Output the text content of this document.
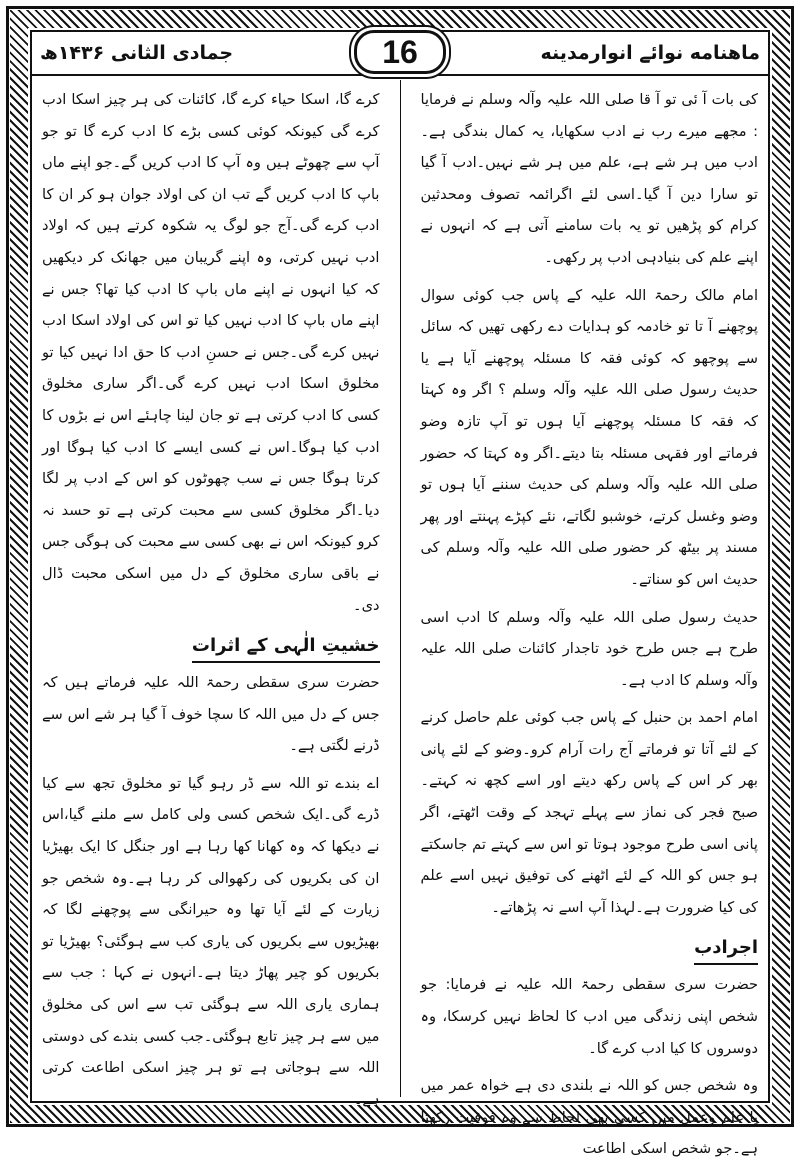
ماهنامه نوائے انوارمدینه
جمادی الثانی ۱۴۳۶ھ	16

کی بات آ ئی تو آ قا صلی اللہ علیہ وآلہ وسلم نے فرمایا : مجھے میرے رب نے ادب سکھایا، یہ کمال بندگی ہے۔ادب میں ہر شے ہے، علم میں ہر شے نہیں۔ادب آ گیا تو سارا دین آ گیا۔اسی لئے اگرائمہ تصوف ومحدثین کرام کو پڑھیں تو یہ بات سامنے آتی ہے کہ انہوں نے اپنے علم کی بنیادہی ادب پر رکھی۔

امام مالک رحمۃ اللہ علیہ کے پاس جب کوئی سوال پوچھنے آ تا تو خادمہ کو ہدایات دے رکھی تھیں کہ سائل سے پوچھو کہ کوئی فقہ کا مسئلہ پوچھنے آیا ہے یا حدیث رسول صلی اللہ علیہ وآلہ وسلم ؟ اگر وہ کہتا کہ فقہ کا مسئلہ پوچھنے آیا ہوں تو آپ تازہ وضو فرماتے اور فقہی مسئلہ بتا دیتے۔اگر وہ کہتا کہ حضور صلی اللہ علیہ وآلہ وسلم کی حدیث سننے آیا ہوں تو وضو وغسل کرتے، خوشبو لگاتے، نئے کپڑے پہنتے اور پھر مسند پر بیٹھ کر حضور صلی اللہ علیہ وآلہ وسلم کی حدیث اس کو سناتے۔

حدیث رسول صلی اللہ علیہ وآلہ وسلم کا ادب اسی طرح ہے جس طرح خود تاجدار کائنات صلی اللہ علیہ وآلہ وسلم کا ادب ہے۔

امام احمد بن حنبل کے پاس جب کوئی علم حاصل کرنے کے لئے آتا تو فرماتے آج رات آرام کرو۔وضو کے لئے پانی بھر کر اس کے پاس رکھ دیتے اور اسے کچھ نہ کہتے۔صبح فجر کی نماز سے پہلے تہجد کے وقت اٹھتے، اگر پانی اسی طرح موجود ہوتا تو اس سے کہتے تم جاسکتے ہو جس کو اللہ کے لئے اٹھنے کی توفیق نہیں اسے علم کی کیا ضرورت ہے۔لہذا آپ اسے نہ پڑھاتے۔

اجرادب

حضرت سری سقطی رحمۃ اللہ علیہ نے فرمایا: جو شخص اپنی زندگی میں ادب کا لحاظ نہیں کرسکا، وہ دوسروں کا کیا ادب کرے گا۔

وہ شخص جس کو اللہ نے بلندی دی ہے خواہ عمر میں یا علم وعمل میں کسی بھی لحاظ سے وہ فوقیت رکھتا ہے۔جو شخص اسکی اطاعت

کرے گا، اسکا حیاء کرے گا، کائنات کی ہر چیز اسکا ادب کرے گی کیونکہ کوئی کسی بڑے کا ادب کرے گا تو جو آپ سے چھوٹے ہیں وہ آپ کا ادب کریں گے۔جو اپنے ماں باپ کا ادب کریں گے تب ان کی اولاد جوان ہو کر ان کا ادب کرے گی۔آج جو لوگ یہ شکوہ کرتے ہیں کہ اولاد ادب نہیں کرتی، وہ اپنے گریبان میں جھانک کر دیکھیں کہ کیا انہوں نے اپنے ماں باپ کا ادب کیا تھا؟ جس نے اپنے ماں باپ کا ادب نہیں کیا تو اس کی اولاد اسکا ادب نہیں کرے گی۔جس نے حسنِ ادب کا حق ادا نہیں کیا تو مخلوق اسکا ادب نہیں کرے گی۔اگر ساری مخلوق کسی کا ادب کرتی ہے تو جان لینا چاہئے اس نے بڑوں کا ادب کیا ہوگا۔اس نے کسی ایسے کا ادب کیا ہوگا اور کرتا ہوگا جس نے سب چھوٹوں کو اس کے ادب پر لگا دیا۔اگر مخلوق کسی سے محبت کرتی ہے تو حسد نہ کرو کیونکہ اس نے بھی کسی سے محبت کی ہوگی جس نے باقی ساری مخلوق کے دل میں اسکی محبت ڈال دی۔

خشیتِ الٰہی کے اثرات

حضرت سری سقطی رحمۃ اللہ علیہ فرماتے ہیں کہ جس کے دل میں اللہ کا سچا خوف آ گیا ہر شے اس سے ڈرنے لگتی ہے۔

اے بندے تو اللہ سے ڈر رہو گیا تو مخلوق تجھ سے کیا ڈرے گی۔ایک شخص کسی ولی کامل سے ملنے گیا،اس نے دیکھا کہ وہ کھانا کھا رہا ہے اور جنگل کا ایک بھیڑیا ان کی بکریوں کی رکھوالی کر رہا ہے۔وہ شخص جو زیارت کے لئے آیا تھا وہ حیرانگی سے پوچھنے لگا کہ بھیڑیوں سے بکریوں کی یاری کب سے ہوگئی؟ بھیڑیا تو بکریوں کو چیر پھاڑ دیتا ہے۔انہوں نے کہا : جب سے ہماری یاری اللہ سے ہوگئی تب سے اس کی مخلوق میں سے ہر چیز تابع ہوگئی۔جب کسی بندے کی دوستی اللہ سے ہوجاتی ہے تو ہر چیز اسکی اطاعت کرتی ہے۔
